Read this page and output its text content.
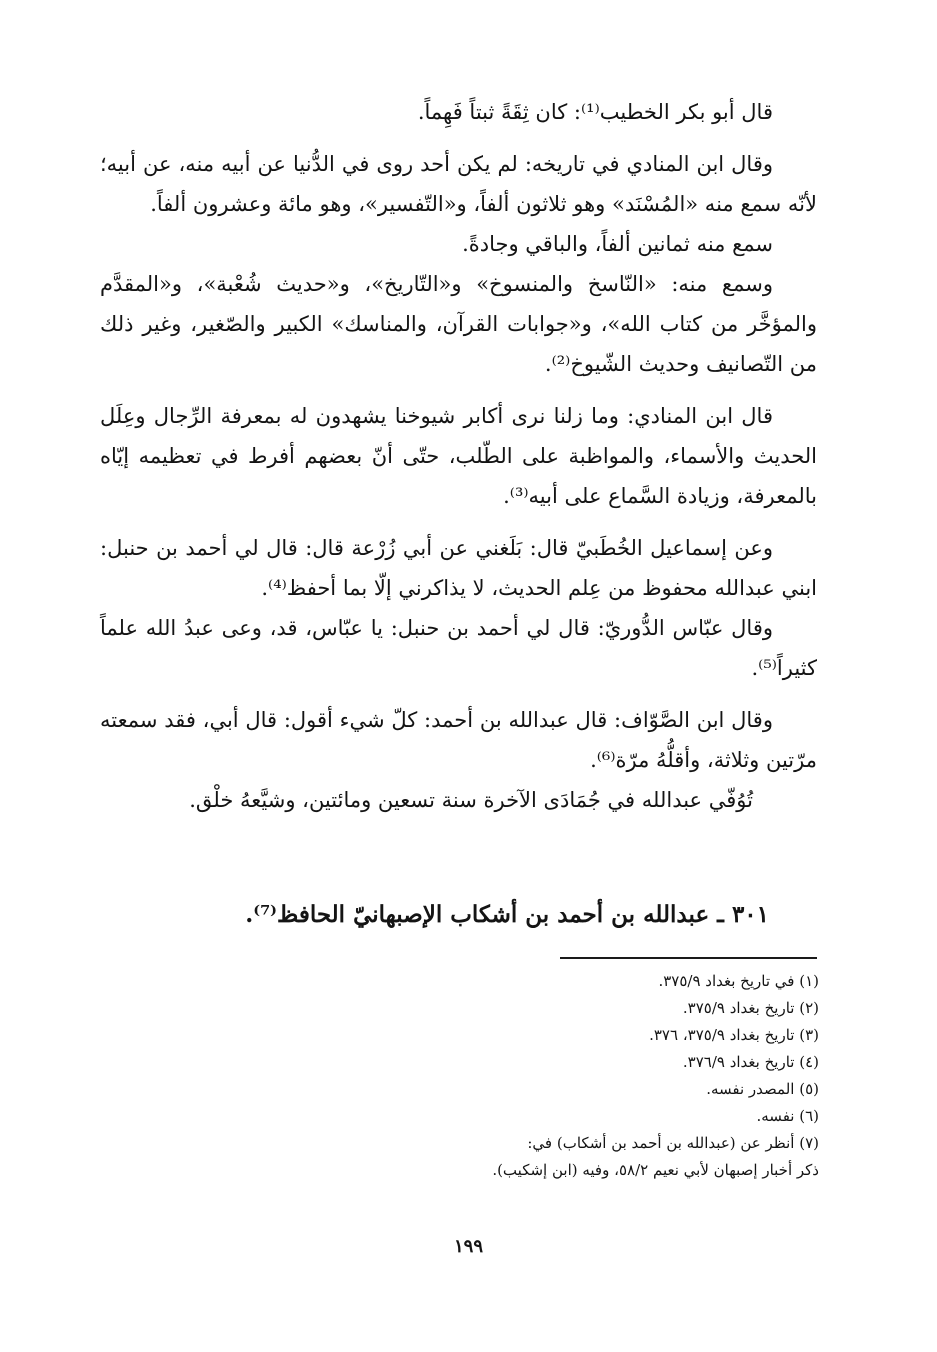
قال أبو بكر الخطيب⁽¹⁾: كان ثِقَةً ثبتاً فَهِماً.

وقال ابن المنادي في تاريخه: لم يكن أحد روى في الدُّنيا عن أبيه منه، عن أبيه؛ لأنّه سمع منه «المُسْنَد» وهو ثلاثون ألفاً، و«التّفسير»، وهو مائة وعشرون ألفاً.

سمع منه ثمانين ألفاً، والباقي وجادةً.

وسمع منه: «النّاسخ والمنسوخ» و«التّاريخ»، و«حديث شُعْبة»، و«المقدَّم والمؤخَّر من كتاب الله»، و«جوابات القرآن، والمناسك» الكبير والصّغير، وغير ذلك من التّصانيف وحديث الشّيوخ⁽²⁾.

قال ابن المنادي: وما زلنا نرى أكابر شيوخنا يشهدون له بمعرفة الرِّجال وعِلَل الحديث والأسماء، والمواظبة على الطّلب، حتّى أنّ بعضهم أفرط في تعظيمه إيّاه بالمعرفة، وزيادة السَّماع على أبيه⁽³⁾.

وعن إسماعيل الخُطَبيّ قال: بَلَغني عن أبي زُرْعة قال: قال لي أحمد بن حنبل: ابني عبدالله محفوظ من عِلم الحديث، لا يذاكرني إلّا بما أحفظ⁽⁴⁾.

وقال عبّاس الدُّوريّ: قال لي أحمد بن حنبل: يا عبّاس، قد، وعى عبدُ الله علماً كثيراً⁽⁵⁾.

وقال ابن الصَّوّاف: قال عبدالله بن أحمد: كلّ شيء أقول: قال أبي، فقد سمعته مرّتين وثلاثة، وأقلُّهُ مرّة⁽⁶⁾.

تُوُفّي عبدالله في جُمَادَى الآخرة سنة تسعين ومائتين، وشيَّعهُ خلْق.

٣٠١ ـ عبدالله بن أحمد بن أشكاب الإصبهانيّ الحافظ⁽⁷⁾.
(١) في تاريخ بغداد ٣٧٥/٩.
(٢) تاريخ بغداد ٣٧٥/٩.
(٣) تاريخ بغداد ٣٧٥/٩، ٣٧٦.
(٤) تاريخ بغداد ٣٧٦/٩.
(٥) المصدر نفسه.
(٦) نفسه.
(٧) أنظر عن (عبدالله بن أحمد بن أشكاب) في:
ذكر أخبار إصبهان لأبي نعيم ٥٨/٢، وفيه (ابن إشكيب).
١٩٩
